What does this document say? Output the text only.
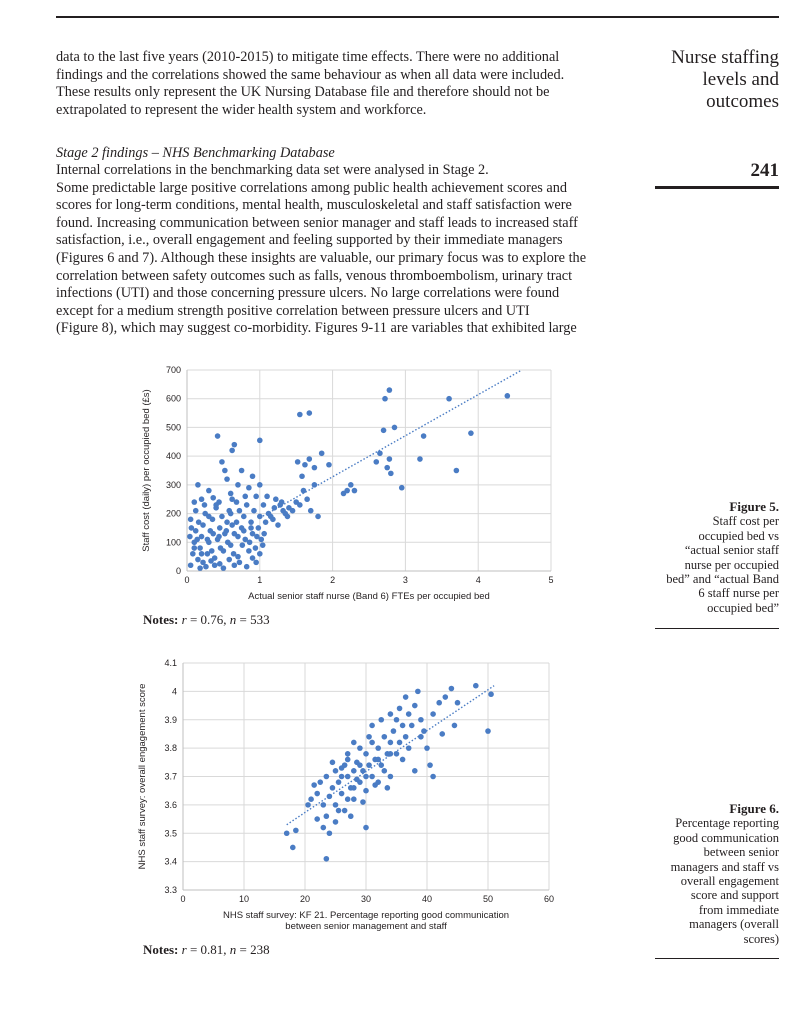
data to the last five years (2010-2015) to mitigate time effects. There were no additional
findings and the correlations showed the same behaviour as when all data were included.
These results only represent the UK Nursing Database file and therefore should not be
extrapolated to represent the wider health system and workforce.
Stage 2 findings – NHS Benchmarking Database
Internal correlations in the benchmarking data set were analysed in Stage 2.
Some predictable large positive correlations among public health achievement scores and
scores for long-term conditions, mental health, musculoskeletal and staff satisfaction were
found. Increasing communication between senior manager and staff leads to increased staff
satisfaction, i.e., overall engagement and feeling supported by their immediate managers
(Figures 6 and 7). Although these insights are valuable, our primary focus was to explore the
correlation between safety outcomes such as falls, venous thromboembolism, urinary tract
infections (UTI) and those concerning pressure ulcers. No large correlations were found
except for a medium strength positive correlation between pressure ulcers and UTI
(Figure 8), which may suggest co-morbidity. Figures 9-11 are variables that exhibited large
Nurse staffing
levels and
outcomes
241
0	1	2	3	4	5
0
100
200
300
400
500
600
700
Actual senior staff nurse (Band 6) FTEs per occupied bed
Staff cost (daily) per occupied bed (£s)
Notes: r = 0.76, n = 533
Figure 5.
Staff cost per
occupied bed vs
“actual senior staff
nurse per occupied
bed” and “actual Band
6 staff nurse per
occupied bed”
0	10	20	30	40	50	60
3.3
3.4
3.5
3.6
3.7
3.8
3.9
4
4.1
NHS staff survey: KF 21. Percentage reporting good communication
between senior management and staff
NHS staff survey: overall engagement score
Notes: r = 0.81, n = 238
Figure 6.
Percentage reporting
good communication
between senior
managers and staff vs
overall engagement
score and support
from immediate
managers (overall
scores)
